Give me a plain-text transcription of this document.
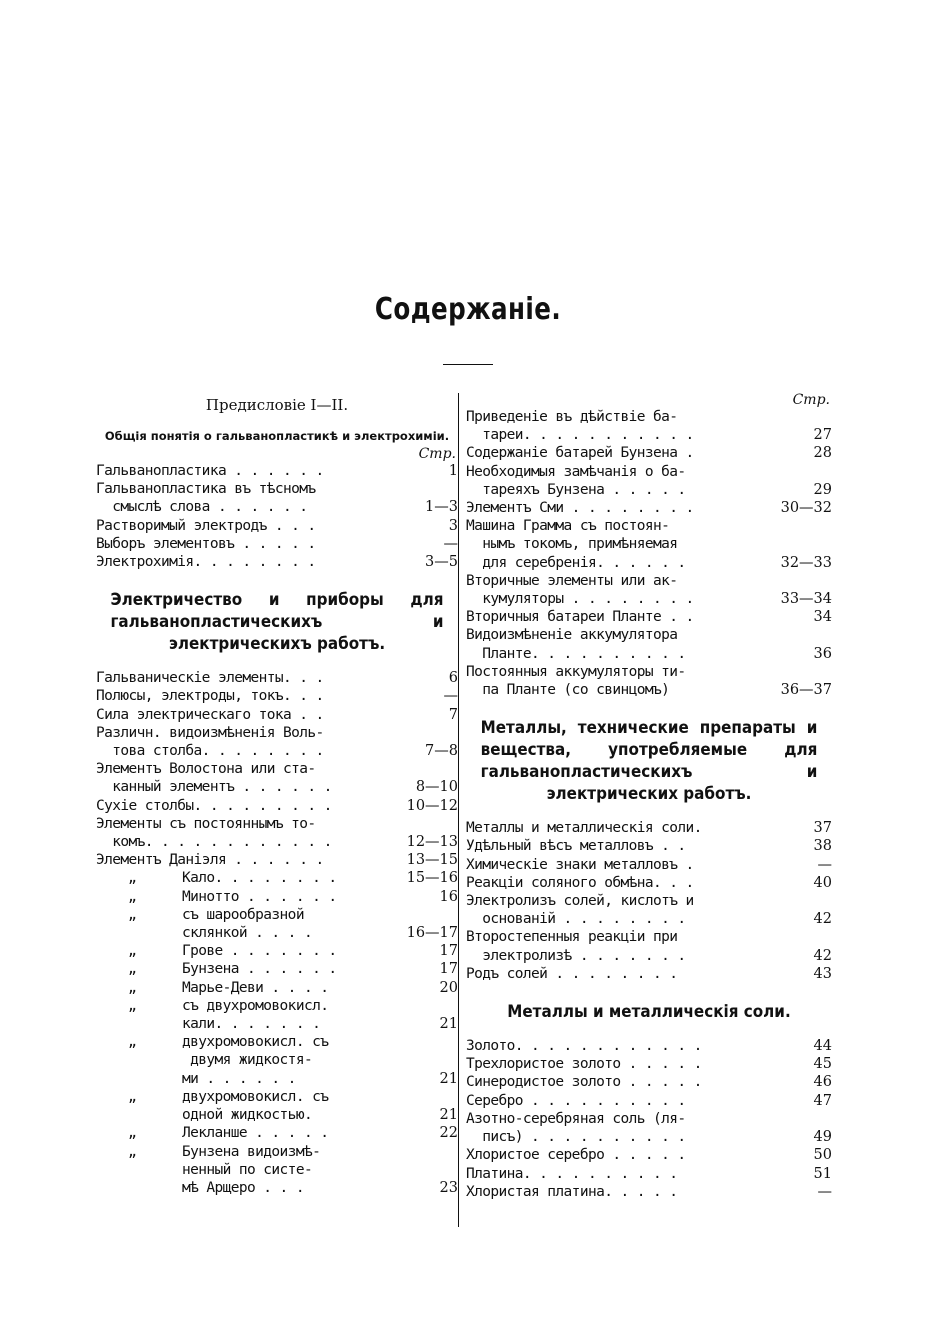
Содержаніе.
Предисловіе I—II.
Общія понятія о гальванопластикѣ и электрохиміи.
Стр.
Гальванопластика . . . . . .	1
Гальванопластика въ тѣсномъ
смыслѣ слова . . . . . .	1—3
Растворимый электродъ . . .	3
Выборъ элементовъ . . . . .	—
Электрохимія. . . . . . . .	3—5
Электричество и приборы для гальванопластическихъ и электрическихъ работъ.
Гальваническіе элементы. . .	6
Полюсы, электроды, токъ. . .	—
Сила электрическаго тока . .	7
Различн. видоизмѣненія Воль-
това столба. . . . . . . .	7—8
Элементъ Волостона или ста-
канный элементъ . . . . . .	8—10
Сухіе столбы. . . . . . . . .	10—12
Элементы съ постояннымъ то-
комъ. . . . . . . . . . . .	12—13
Элементъ Даніэля . . . . . .	13—15
„	Кало. . . . . . . .	15—16
„	Минотто . . . . . .	16
„	съ шарообразной
склянкой . . . .	16—17
„	Грове . . . . . . .	17
„	Бунзена . . . . . .	17
„	Марье-Деви . . . .	20
„	съ двухромовокисл.
кали. . . . . . .	21
„	двухромовокисл. съ
двумя жидкостя-
ми . . . . . .	21
„	двухромовокисл. съ
одной жидкостью.	21
„	Лекланше . . . . .	22
„	Бунзена видоизмѣ-
ненный по систе-
мѣ Арщеро . . .	23
Стр.
Приведеніе въ дѣйствіе ба-
тареи. . . . . . . . . . .	27
Содержаніе батарей Бунзена .	28
Необходимыя замѣчанія о ба-
тареяхъ Бунзена . . . . .	29
Элементъ Сми . . . . . . . .	30—32
Машина Грамма съ постоян-
нымъ токомъ, примѣняемая
для серебренія. . . . . .	32—33
Вторичные элементы или ак-
кумуляторы . . . . . . . .	33—34
Вторичныя батареи Планте . .	34
Видоизмѣненіе аккумулятора
Планте. . . . . . . . . .	36
Постоянныя аккумуляторы ти-
па Планте (со свинцомъ)	36—37
Металлы, технические препараты и вещества, употребляемые для гальванопластическихъ и электрических работъ.
Металлы и металлическія соли.	37
Удѣльный вѣсъ металловъ . .	38
Химическіе знаки металловъ .	—
Реакціи соляного обмѣна. . .	40
Электролизъ солей, кислотъ и
основаній . . . . . . . .	42
Второстепенныя реакціи при
электролизѣ . . . . . . .	42
Родъ солей . . . . . . . .	43
Металлы и металлическія соли.
Золото. . . . . . . . . . . .	44
Трехлористое золото . . . . .	45
Синеродистое золото . . . . .	46
Серебро . . . . . . . . . .	47
Азотно-серебряная соль (ля-
писъ) . . . . . . . . . .	49
Хлористое серебро . . . . .	50
Платина. . . . . . . . . .	51
Хлористая платина. . . . .	—
